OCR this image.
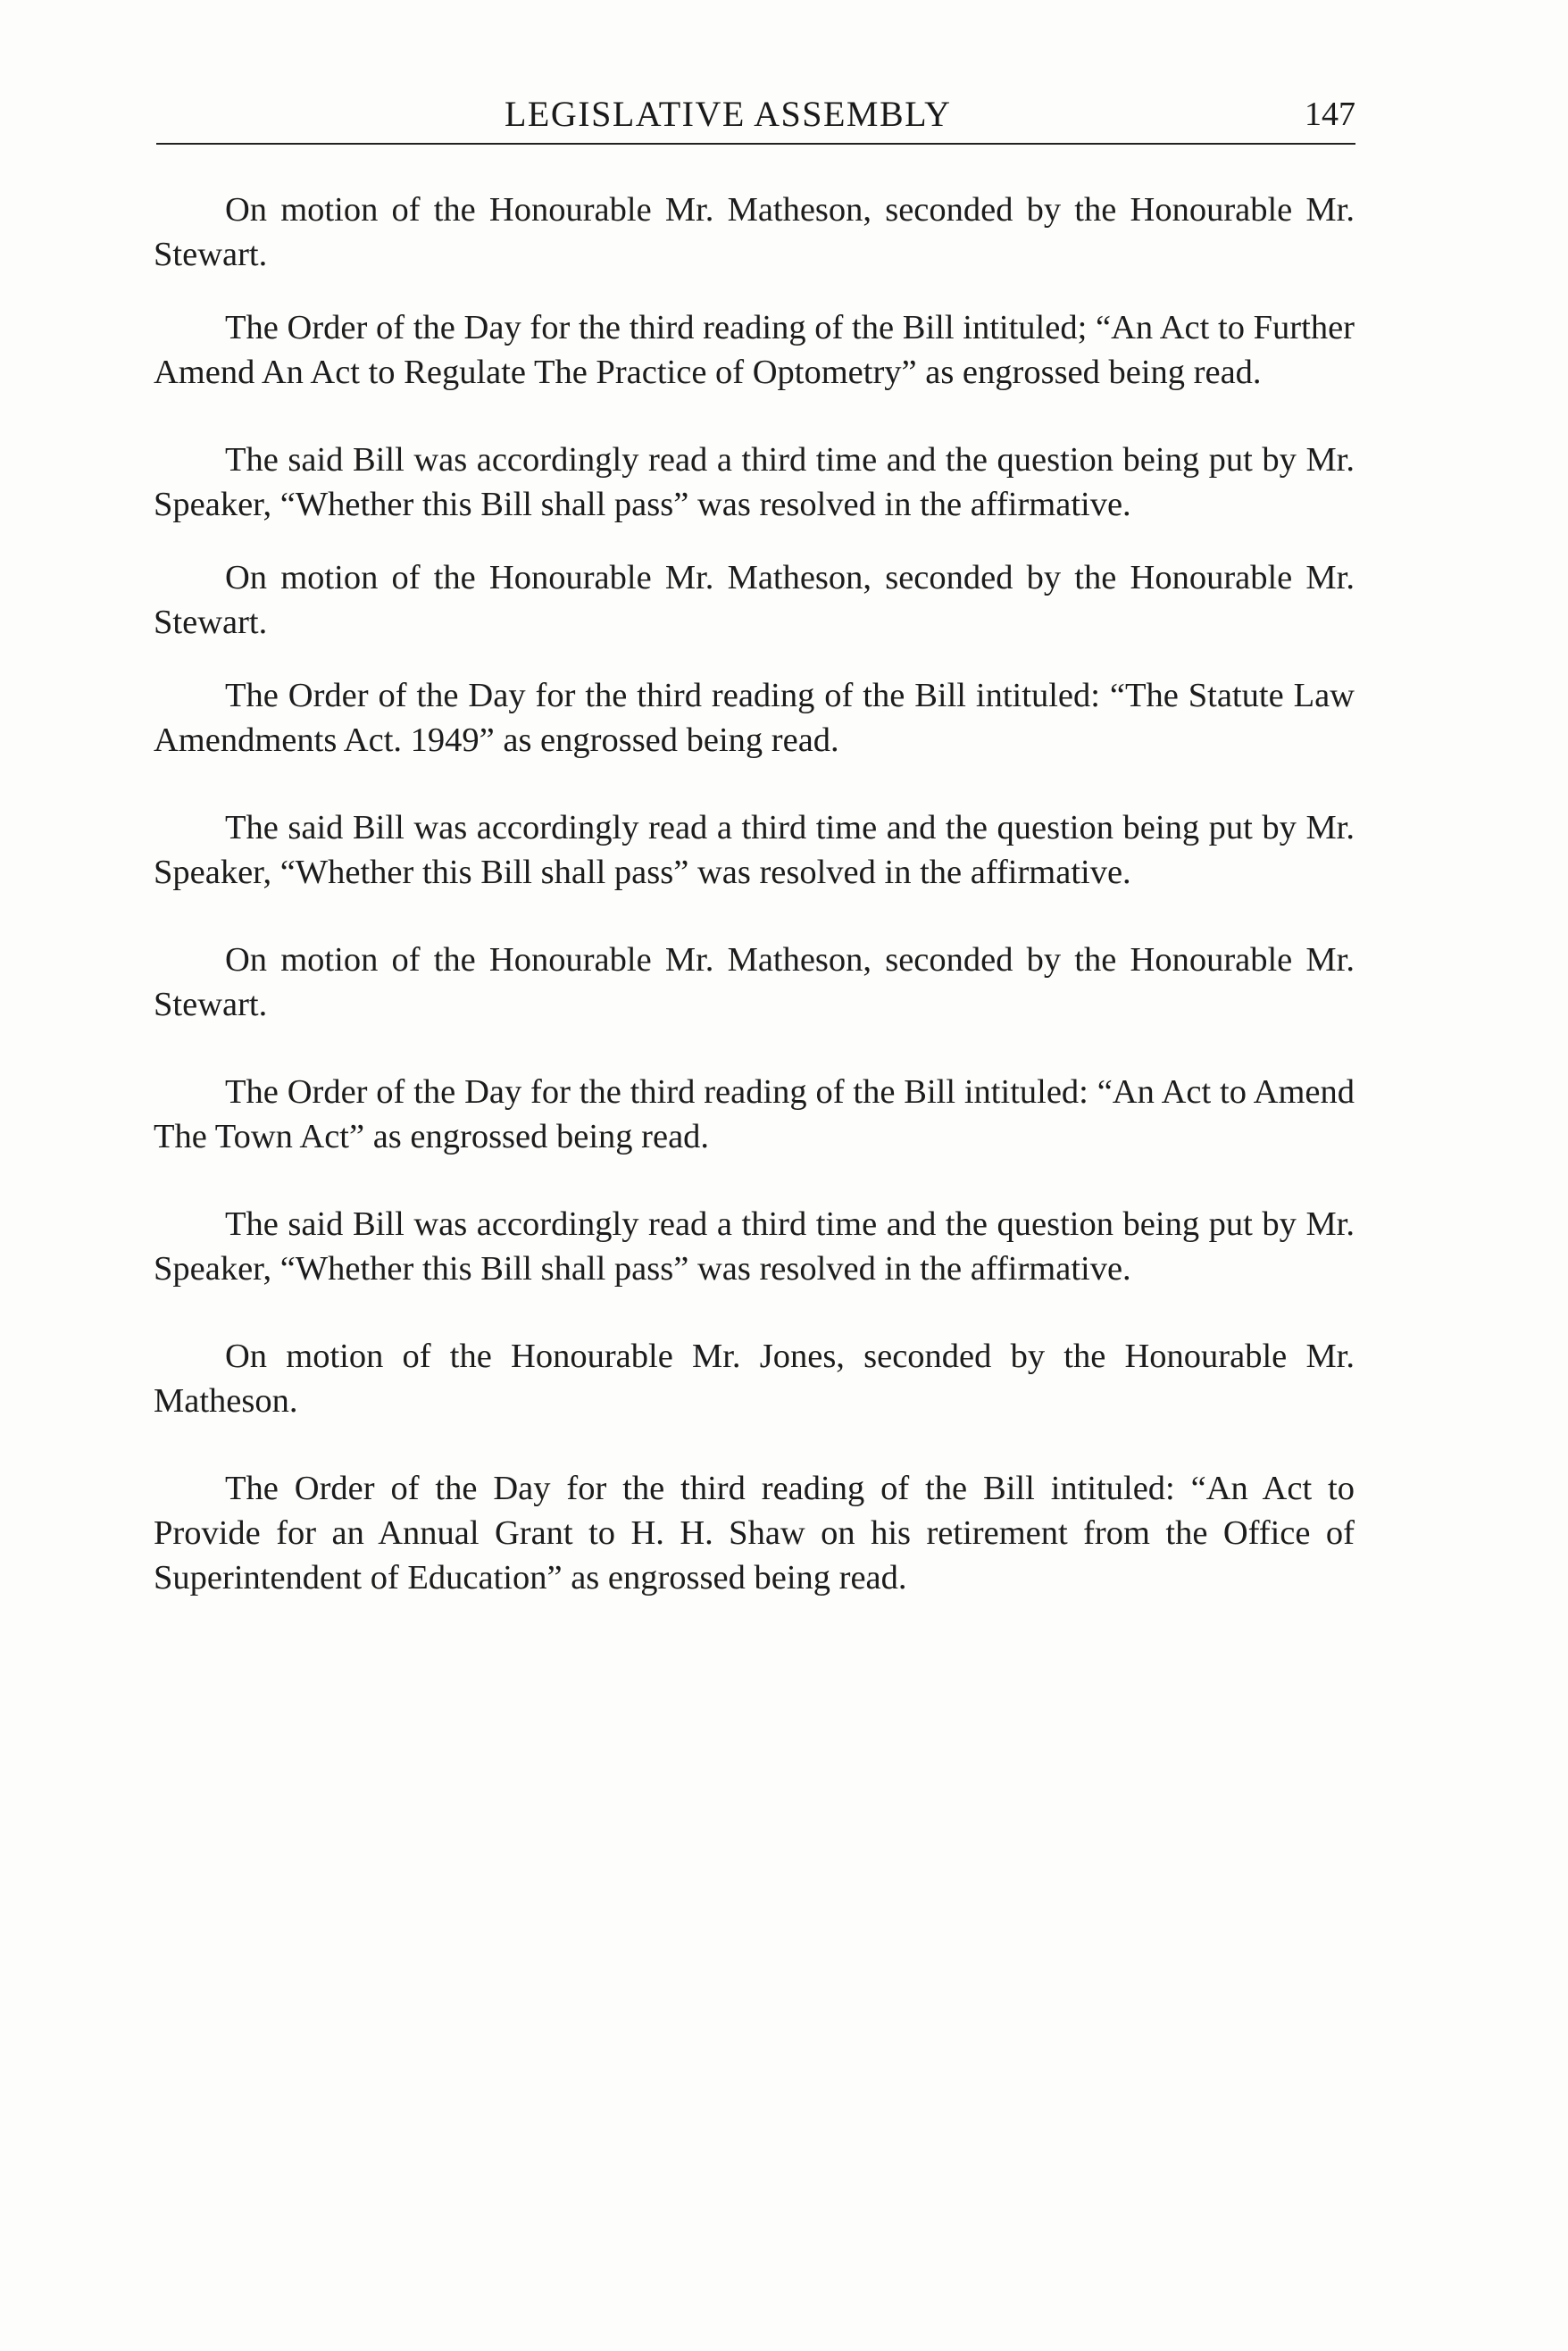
LEGISLATIVE ASSEMBLY	147

On motion of the Honourable Mr. Matheson, seconded by the Honourable Mr. Stewart.

The Order of the Day for the third reading of the Bill intituled; “An Act to Further Amend An Act to Regulate The Practice of Optometry” as engrossed being read.

The said Bill was accordingly read a third time and the question being put by Mr. Speaker, “Whether this Bill shall pass” was resolved in the affirmative.

On motion of the Honourable Mr. Matheson, seconded by the Honourable Mr. Stewart.

The Order of the Day for the third reading of the Bill intituled: “The Statute Law Amendments Act. 1949” as engrossed being read.

The said Bill was accordingly read a third time and the question being put by Mr. Speaker, “Whether this Bill shall pass” was resolved in the affirmative.

On motion of the Honourable Mr. Matheson, seconded by the Honourable Mr. Stewart.

The Order of the Day for the third reading of the Bill intituled: “An Act to Amend The Town Act” as engrossed being read.

The said Bill was accordingly read a third time and the question being put by Mr. Speaker, “Whether this Bill shall pass” was resolved in the affirmative.

On motion of the Honourable Mr. Jones, seconded by the Honourable Mr. Matheson.

The Order of the Day for the third reading of the Bill intituled: “An Act to Provide for an Annual Grant to H. H. Shaw on his retirement from the Office of Superintendent of Education” as engrossed being read.
